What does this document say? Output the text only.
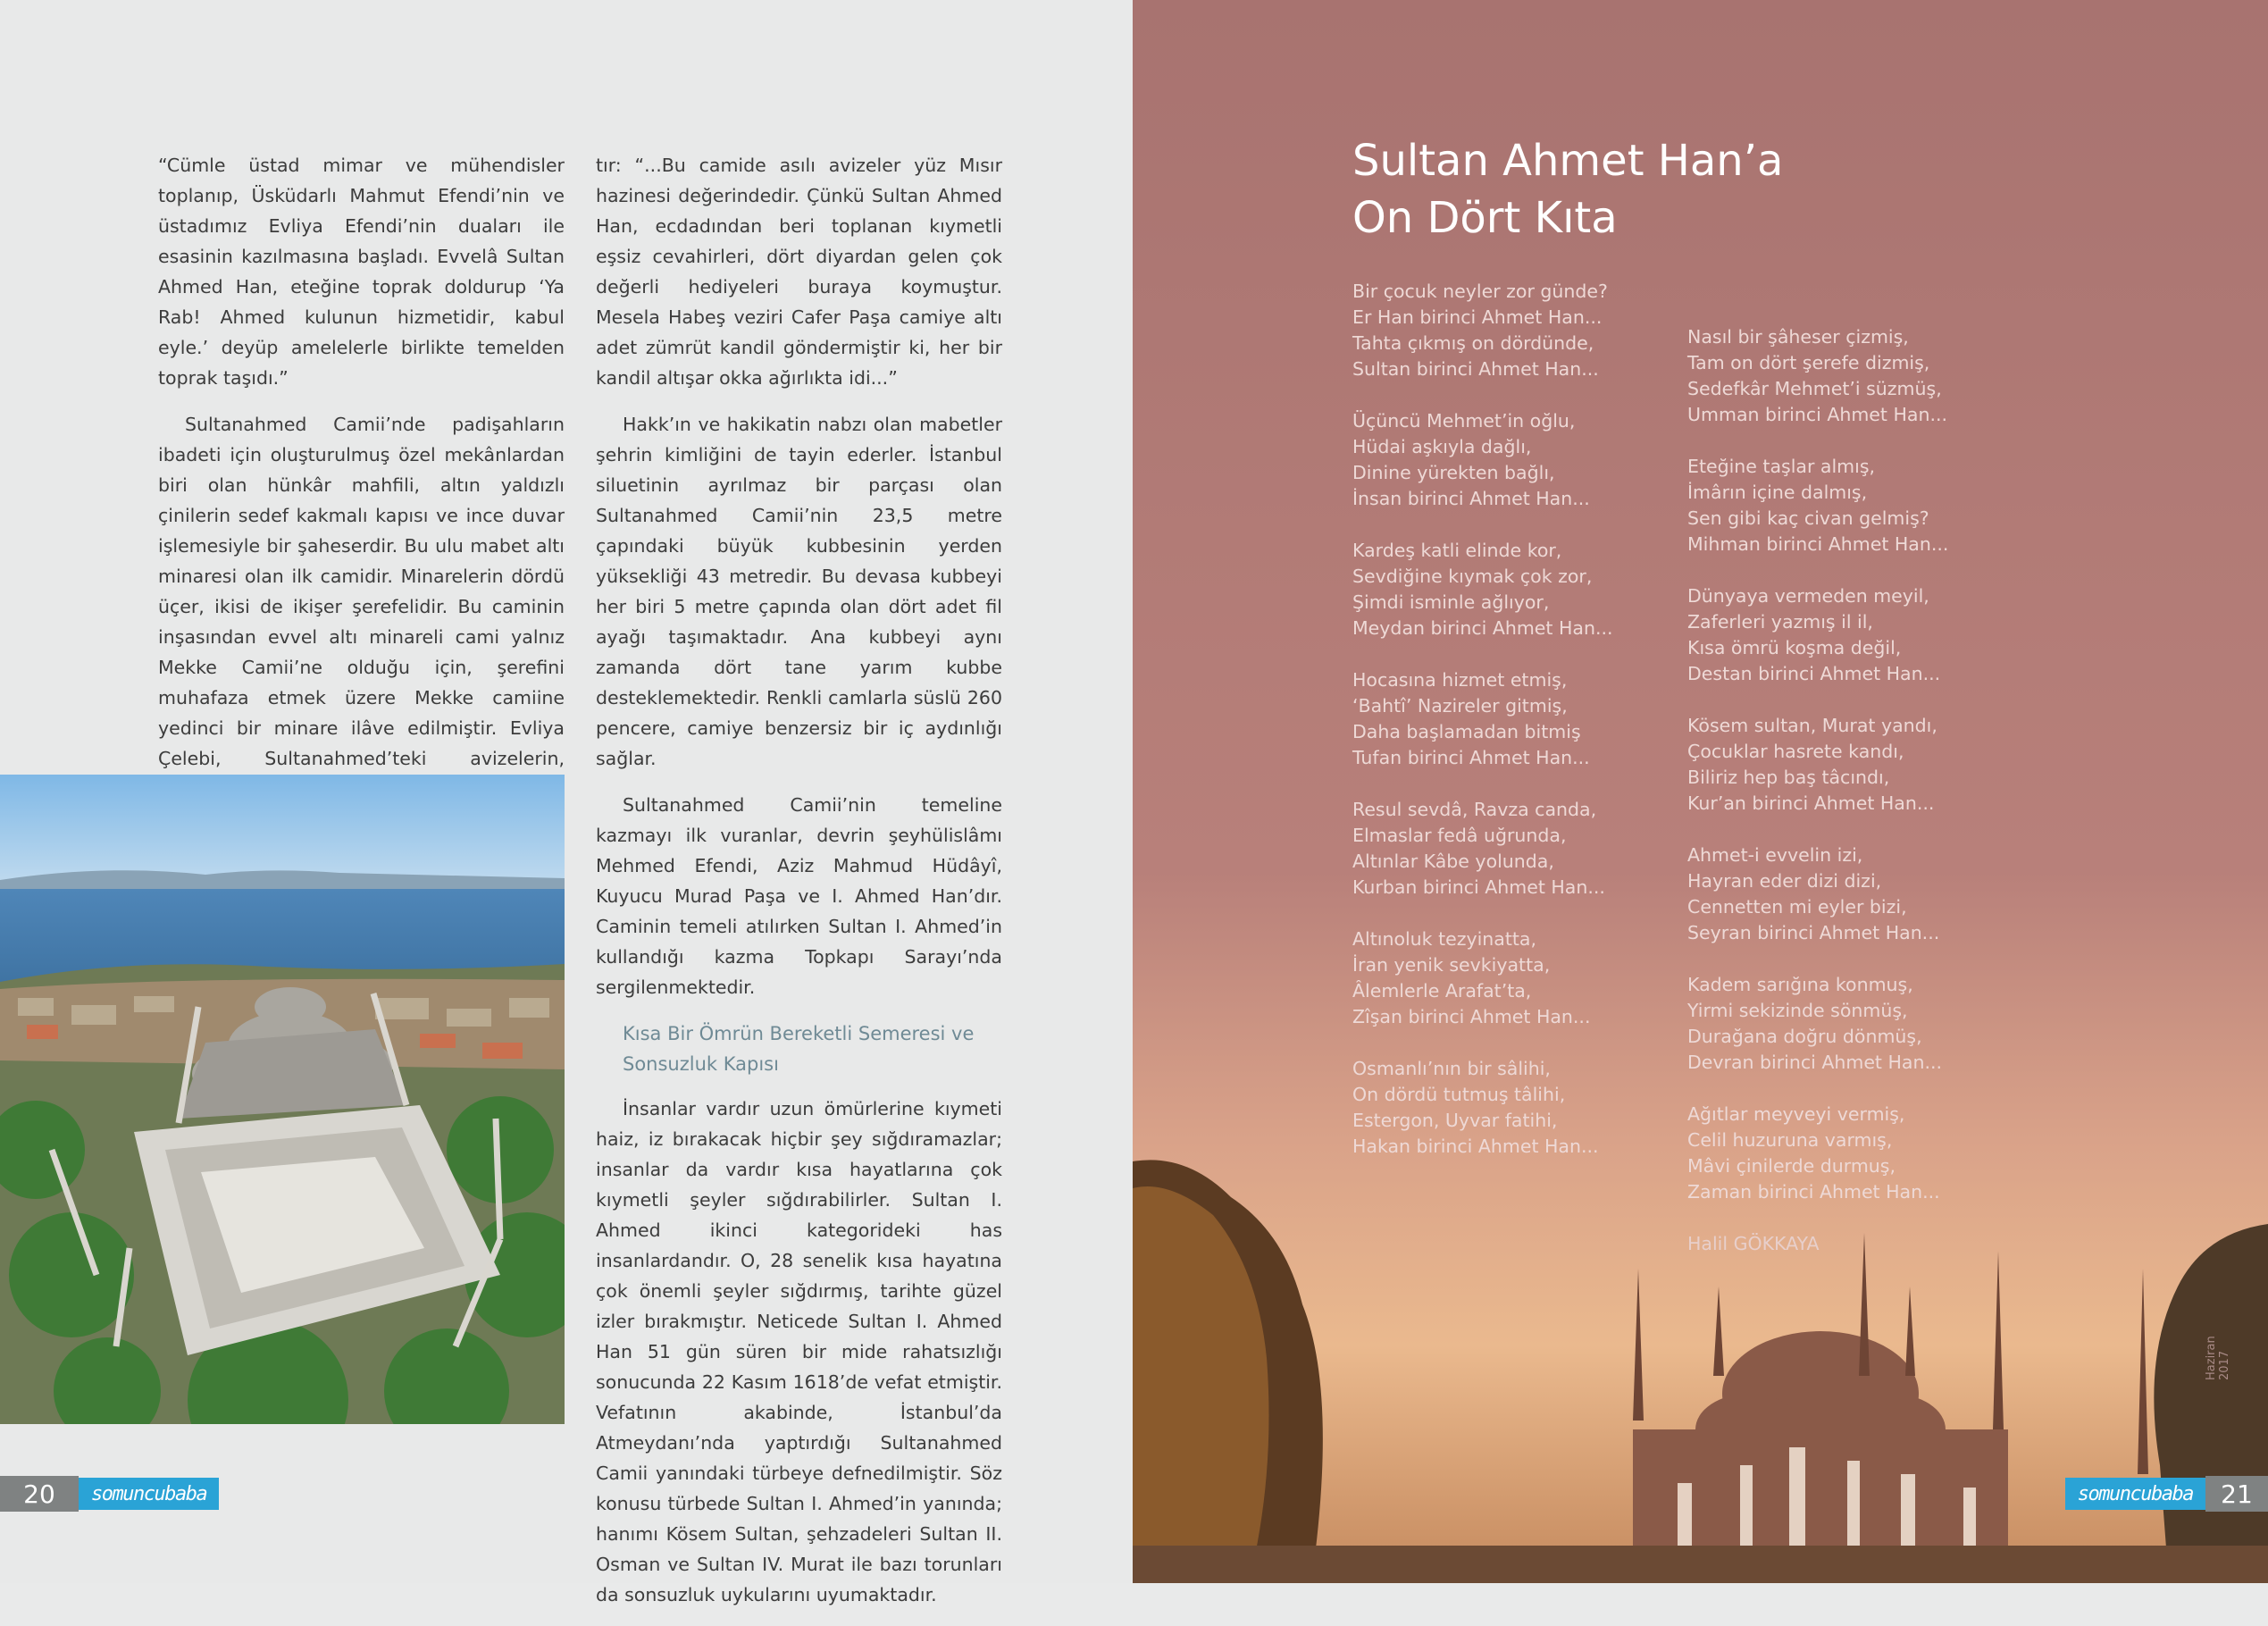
“Cümle üstad mimar ve mühendisler toplanıp, Üsküdarlı Mahmut Efendi’nin ve üstadımız Evliya Efendi’nin duaları ile esasinin kazılmasına başladı. Evvelâ Sultan Ahmed Han, eteğine toprak doldurup ‘Ya Rab! Ahmed kulunun hizmetidir, kabul eyle.’ deyüp amelelerle birlikte temelden toprak taşıdı.”

Sultanahmed Camii’nde padişahların ibadeti için oluşturulmuş özel mekânlardan biri olan hünkâr mahfili, altın yaldızlı çinilerin sedef kakmalı kapısı ve ince duvar işlemesiyle bir şaheserdir. Bu ulu mabet altı minaresi olan ilk camidir. Minarelerin dördü üçer, ikisi de ikişer şerefelidir. Bu caminin inşasından evvel altı minareli cami yalnız Mekke Camii’ne olduğu için, şerefini muhafaza etmek üzere Mekke camiine yedinci bir minare ilâve edilmiştir. Evliya Çelebi, Sultanahmed’teki avizelerin,

tır: “...Bu camide asılı avizeler yüz Mısır hazinesi değerindedir. Çünkü Sultan Ahmed Han, ecdadından beri toplanan kıymetli eşsiz cevahirleri, dört diyardan gelen çok değerli hediyeleri buraya koymuştur. Mesela Habeş veziri Cafer Paşa camiye altı adet zümrüt kandil göndermiştir ki, her bir kandil altışar okka ağırlıkta idi...”

Hakk’ın ve hakikatin nabzı olan mabetler şehrin kimliğini de tayin ederler. İstanbul siluetinin ayrılmaz bir parçası olan Sultanahmed Camii’nin 23,5 metre çapındaki büyük kubbesinin yerden yüksekliği 43 metredir. Bu devasa kubbeyi her biri 5 metre çapında olan dört adet fil ayağı taşımaktadır. Ana kubbeyi aynı zamanda dört tane yarım kubbe desteklemektedir. Renkli camlarla süslü 260 pencere, camiye benzersiz bir iç aydınlığı sağlar.

Sultanahmed Camii’nin temeline kazmayı ilk vuranlar, devrin şeyhülislâmı Mehmed Efendi, Aziz Mahmud Hüdâyî, Kuyucu Murad Paşa ve I. Ahmed Han’dır. Caminin temeli atılırken Sultan I. Ahmed’in kullandığı kazma Topkapı Sarayı’nda sergilenmektedir.

Kısa Bir Ömrün Bereketli Semeresi ve Sonsuzluk Kapısı

İnsanlar vardır uzun ömürlerine kıymeti haiz, iz bırakacak hiçbir şey sığdıramazlar; insanlar da vardır kısa hayatlarına çok kıymetli şeyler sığdırabilirler. Sultan I. Ahmed ikinci kategorideki has insanlardandır. O, 28 senelik kısa hayatına çok önemli şeyler sığdırmış, tarihte güzel izler bırakmıştır. Neticede Sultan I. Ahmed Han 51 gün süren bir mide rahatsızlığı sonucunda 22 Kasım 1618’de vefat etmiştir. Vefatının akabinde, İstanbul’da Atmeydanı’nda yaptırdığı Sultanahmed Camii yanındaki türbeye defnedilmiştir. Söz konusu türbede Sultan I. Ahmed’in yanında; hanımı Kösem Sultan, şehzadeleri Sultan II. Osman ve Sultan IV. Murat ile bazı torunları da sonsuzluk uykularını uyumaktadır.

20	somuncubaba
Sultan Ahmet Han’a
On Dört Kıta
Bir çocuk neyler zor günde?
Er Han birinci Ahmet Han...
Tahta çıkmış on dördünde,
Sultan birinci Ahmet Han...
Üçüncü Mehmet’in oğlu,
Hüdai aşkıyla dağlı,
Dinine yürekten bağlı,
İnsan birinci Ahmet Han...
Kardeş katli elinde kor,
Sevdiğine kıymak çok zor,
Şimdi isminle ağlıyor,
Meydan birinci Ahmet Han...
Hocasına hizmet etmiş,
‘Bahtî’ Nazireler gitmiş,
Daha başlamadan bitmiş
Tufan birinci Ahmet Han...
Resul sevdâ, Ravza canda,
Elmaslar fedâ uğrunda,
Altınlar Kâbe yolunda,
Kurban birinci Ahmet Han...
Altınoluk tezyinatta,
İran yenik sevkiyatta,
Âlemlerle Arafat’ta,
Zîşan birinci Ahmet Han...
Osmanlı’nın bir sâlihi,
On dördü tutmuş tâlihi,
Estergon, Uyvar fatihi,
Hakan birinci Ahmet Han...
Nasıl bir şâheser çizmiş,
Tam on dört şerefe dizmiş,
Sedefkâr Mehmet’i süzmüş,
Umman birinci Ahmet Han...
Eteğine taşlar almış,
İmârın içine dalmış,
Sen gibi kaç civan gelmiş?
Mihman birinci Ahmet Han...
Dünyaya vermeden meyil,
Zaferleri yazmış il il,
Kısa ömrü koşma değil,
Destan birinci Ahmet Han...
Kösem sultan, Murat yandı,
Çocuklar hasrete kandı,
Biliriz hep baş tâcındı,
Kur’an birinci Ahmet Han...
Ahmet-i evvelin izi,
Hayran eder dizi dizi,
Cennetten mi eyler bizi,
Seyran birinci Ahmet Han...
Kadem sarığına konmuş,
Yirmi sekizinde sönmüş,
Durağana doğru dönmüş,
Devran birinci Ahmet Han...
Ağıtlar meyveyi vermiş,
Celil huzuruna varmış,
Mâvi çinilerde durmuş,
Zaman birinci Ahmet Han...
Halil GÖKKAYA
Haziran 2017
somuncubaba	21
